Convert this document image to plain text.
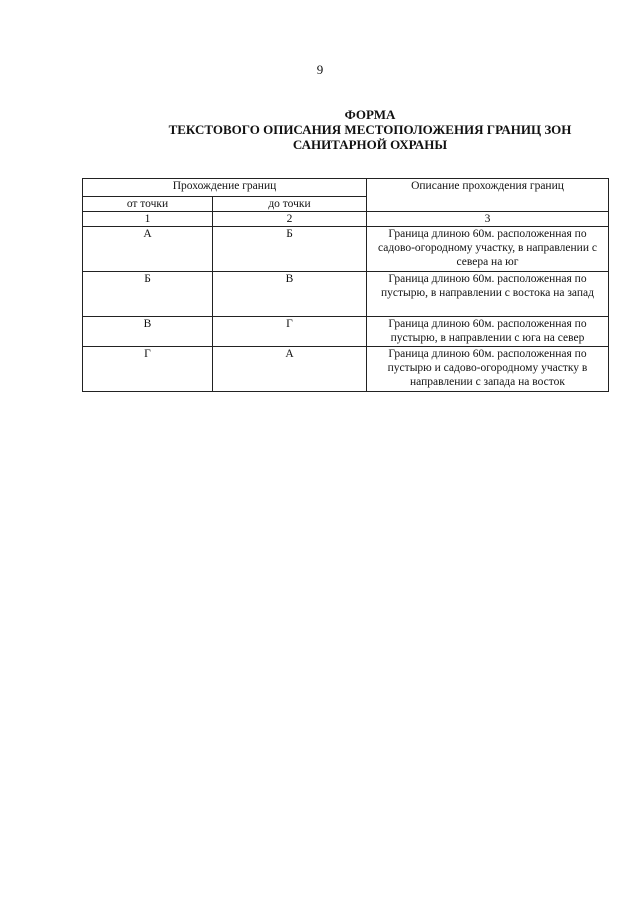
9
ФОРМА
ТЕКСТОВОГО ОПИСАНИЯ МЕСТОПОЛОЖЕНИЯ ГРАНИЦ ЗОН
САНИТАРНОЙ ОХРАНЫ
Прохождение границ		Описание прохождения границ
от точки	до точки	
1	2	3
А	Б	Граница длиною 60м. расположенная по садово-огородному участку, в направлении с севера на юг
Б	В	Граница длиною 60м. расположенная по пустырю, в направлении с востока на запад
В	Г	Граница длиною 60м. расположенная по пустырю, в направлении с юга на север
Г	А	Граница длиною 60м. расположенная по пустырю и садово-огородному участку в направлении с запада на восток
